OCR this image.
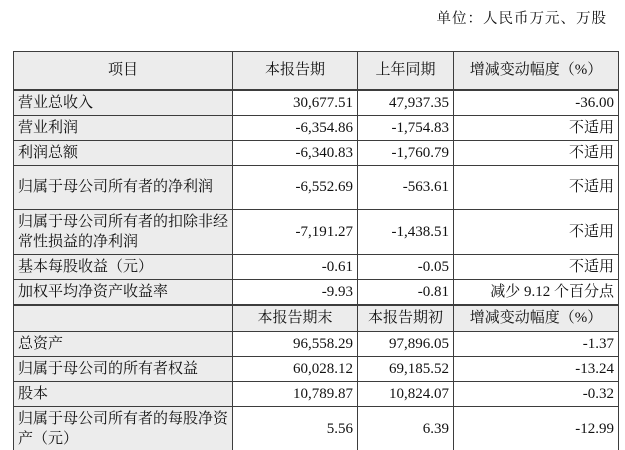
单位：人民币万元、万股
项目	本报告期	上年同期	增减变动幅度（%）
营业总收入	30,677.51	47,937.35	-36.00
营业利润	-6,354.86	-1,754.83	不适用
利润总额	-6,340.83	-1,760.79	不适用
归属于母公司所有者的净利润	-6,552.69	-563.61	不适用
归属于母公司所有者的扣除非经常性损益的净利润	-7,191.27	-1,438.51	不适用
基本每股收益（元）	-0.61	-0.05	不适用
加权平均净资产收益率	-9.93	-0.81	减少 9.12 个百分点
	本报告期末	本报告期初	增减变动幅度（%）
总资产	96,558.29	97,896.05	-1.37
归属于母公司的所有者权益	60,028.12	69,185.52	-13.24
股本	10,789.87	10,824.07	-0.32
归属于母公司所有者的每股净资产（元）	5.56	6.39	-12.99
